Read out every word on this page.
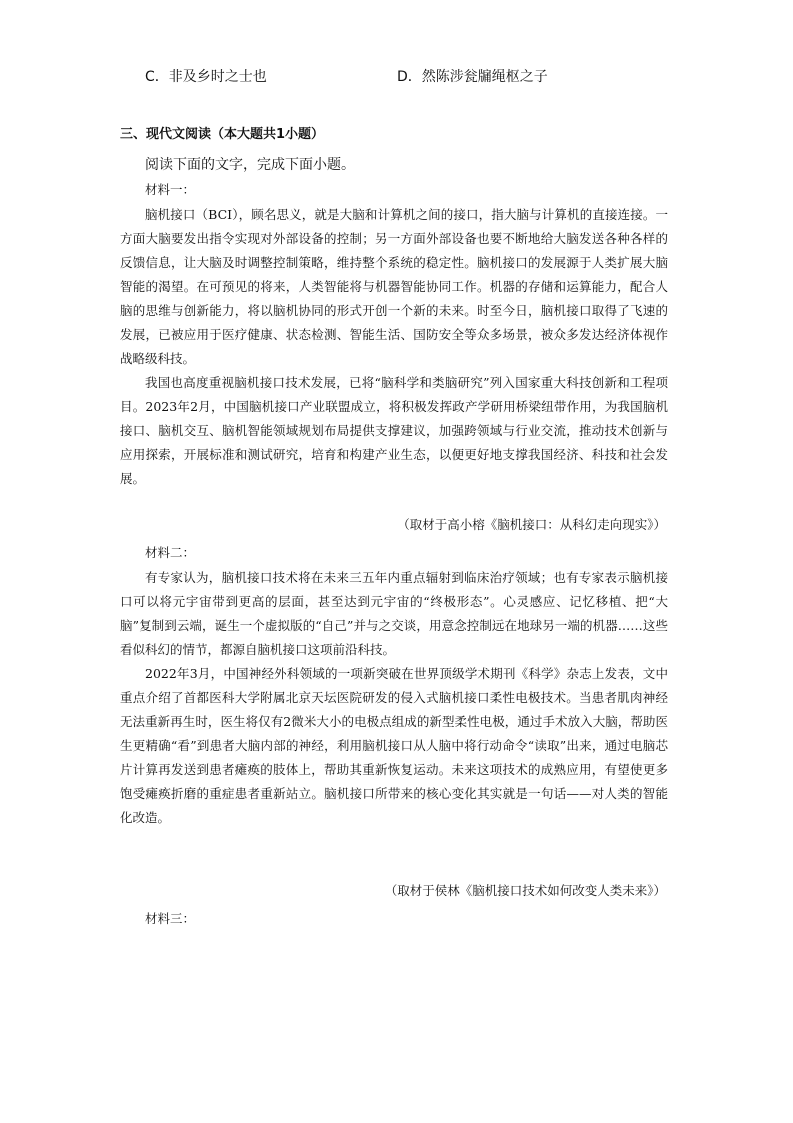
C．非及乡时之士也	D．然陈涉瓮牖绳枢之子
三、现代文阅读（本大题共1小题）
阅读下面的文字，完成下面小题。
材料一：

脑机接口（BCI），顾名思义，就是大脑和计算机之间的接口，指大脑与计算机的直接连接。一方面大脑要发出指令实现对外部设备的控制；另一方面外部设备也要不断地给大脑发送各种各样的反馈信息，让大脑及时调整控制策略，维持整个系统的稳定性。脑机接口的发展源于人类扩展大脑智能的渴望。在可预见的将来，人类智能将与机器智能协同工作。机器的存储和运算能力，配合人脑的思维与创新能力，将以脑机协同的形式开创一个新的未来。时至今日，脑机接口取得了飞速的发展，已被应用于医疗健康、状态检测、智能生活、国防安全等众多场景，被众多发达经济体视作战略级科技。

我国也高度重视脑机接口技术发展，已将“脑科学和类脑研究”列入国家重大科技创新和工程项目。2023年2月，中国脑机接口产业联盟成立，将积极发挥政产学研用桥梁纽带作用，为我国脑机接口、脑机交互、脑机智能领域规划布局提供支撑建议，加强跨领域与行业交流，推动技术创新与应用探索，开展标准和测试研究，培育和构建产业生态，以便更好地支撑我国经济、科技和社会发展。

（取材于高小榕《脑机接口：从科幻走向现实》）
材料二：

有专家认为，脑机接口技术将在未来三五年内重点辐射到临床治疗领域；也有专家表示脑机接口可以将元宇宙带到更高的层面，甚至达到元宇宙的“终极形态”。心灵感应、记忆移植、把“大脑”复制到云端，诞生一个虚拟版的“自己”并与之交谈，用意念控制远在地球另一端的机器……这些看似科幻的情节，都源自脑机接口这项前沿科技。

2022年3月，中国神经外科领域的一项新突破在世界顶级学术期刊《科学》杂志上发表，文中重点介绍了首都医科大学附属北京天坛医院研发的侵入式脑机接口柔性电极技术。当患者肌肉神经无法重新再生时，医生将仅有2微米大小的电极点组成的新型柔性电极，通过手术放入大脑，帮助医生更精确“看”到患者大脑内部的神经，利用脑机接口从人脑中将行动命令“读取”出来，通过电脑芯片计算再发送到患者瘫痪的肢体上，帮助其重新恢复运动。未来这项技术的成熟应用，有望使更多饱受瘫痪折磨的重症患者重新站立。脑机接口所带来的核心变化其实就是一句话——对人类的智能化改造。

（取材于侯林《脑机接口技术如何改变人类未来》）
材料三：
